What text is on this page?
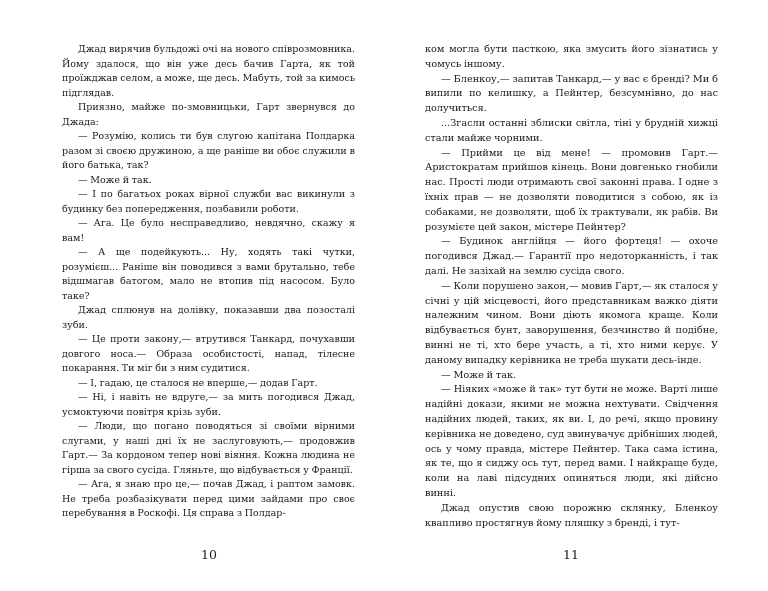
Джад вирячив бульдожі очі на нового співрозмовника. Йому здалося, що він уже десь бачив Гарта, як той проїжджав селом, а може, ще десь. Мабуть, той за кимось підглядав.

Приязно, майже по-змовницьки, Гарт звернувся до Джада:

— Розумію, колись ти був слугою капітана Полдарка разом зі своєю дружиною, а ще раніше ви обоє служили в його батька, так?

— Може й так.

— І по багатьох роках вірної служби вас викинули з будинку без попередження, позбавили роботи.

— Ага. Це було несправедливо, невдячно, скажу я вам!

— А ще подейкують... Ну, ходять такі чутки, розумієш... Раніше він поводився з вами брутально, тебе відшмагав батогом, мало не втопив під насосом. Було таке?

Джад сплюнув на долівку, показавши два позосталі зуби.

— Це проти закону,— втрутився Танкард, почухавши довгого носа.— Образа особистості, напад, тілесне покарання. Ти міг би з ним судитися.

— І, гадаю, це сталося не вперше,— додав Гарт.

— Ні, і навіть не вдруге,— за мить погодився Джад, усмоктуючи повітря крізь зуби.

— Люди, що погано поводяться зі своїми вірними слугами, у наші дні їх не заслуговують,— продовжив Гарт.— За кордоном тепер нові віяння. Кожна людина не гірша за свого сусіда. Гляньте, що відбувається у Франції.

— Ага, я знаю про це,— почав Джад, і раптом замовк. Не треба розбазікувати перед цими зайдами про своє перебування в Роскофі. Ця справа з Полдар-

ком могла бути пасткою, яка змусить його зізнатись у чомусь іншому.

— Бленкоу,— запитав Танкард,— у вас є бренді? Ми б випили по келишку, а Пейнтер, безсумнівно, до нас долучиться.

...Згасли останні зблиски світла, тіні у брудній хижці стали майже чорними.

— Прийми це від мене! — промовив Гарт.— Аристократам прийшов кінець. Вони довгенько гнобили нас. Прості люди отримають свої законні права. І одне з їхніх прав — не дозволяти поводитися з собою, як із собаками, не дозволяти, щоб їх трактували, як рабів. Ви розумієте цей закон, містере Пейнтер?

— Будинок англійця — його фортеця! — охоче погодився Джад.— Гарантії про недоторканність, і так далі. Не зазіхай на землю сусіда свого.

— Коли порушено закон,— мовив Гарт,— як сталося у січні у цій місцевості, його представникам важко діяти належним чином. Вони діють якомога краще. Коли відбувається бунт, заворушення, безчинство й подібне, винні не ті, хто бере участь, а ті, хто ними керує. У даному випадку керівника не треба шукати десь-інде.

— Може й так.

— Ніяких «може й так» тут бути не може. Варті лише надійні докази, якими не можна нехтувати. Свідчення надійних людей, таких, як ви. І, до речі, якщо провину керівника не доведено, суд звинувачує дрібніших людей, ось у чому правда, містере Пейнтер. Така сама істина, як те, що я сиджу ось тут, перед вами. І найкраще буде, коли на лаві підсудних опиняться люди, які дійсно винні.

Джад опустив свою порожню склянку, Бленкоу квапливо простягнув йому пляшку з бренді, і тут-

10	11
